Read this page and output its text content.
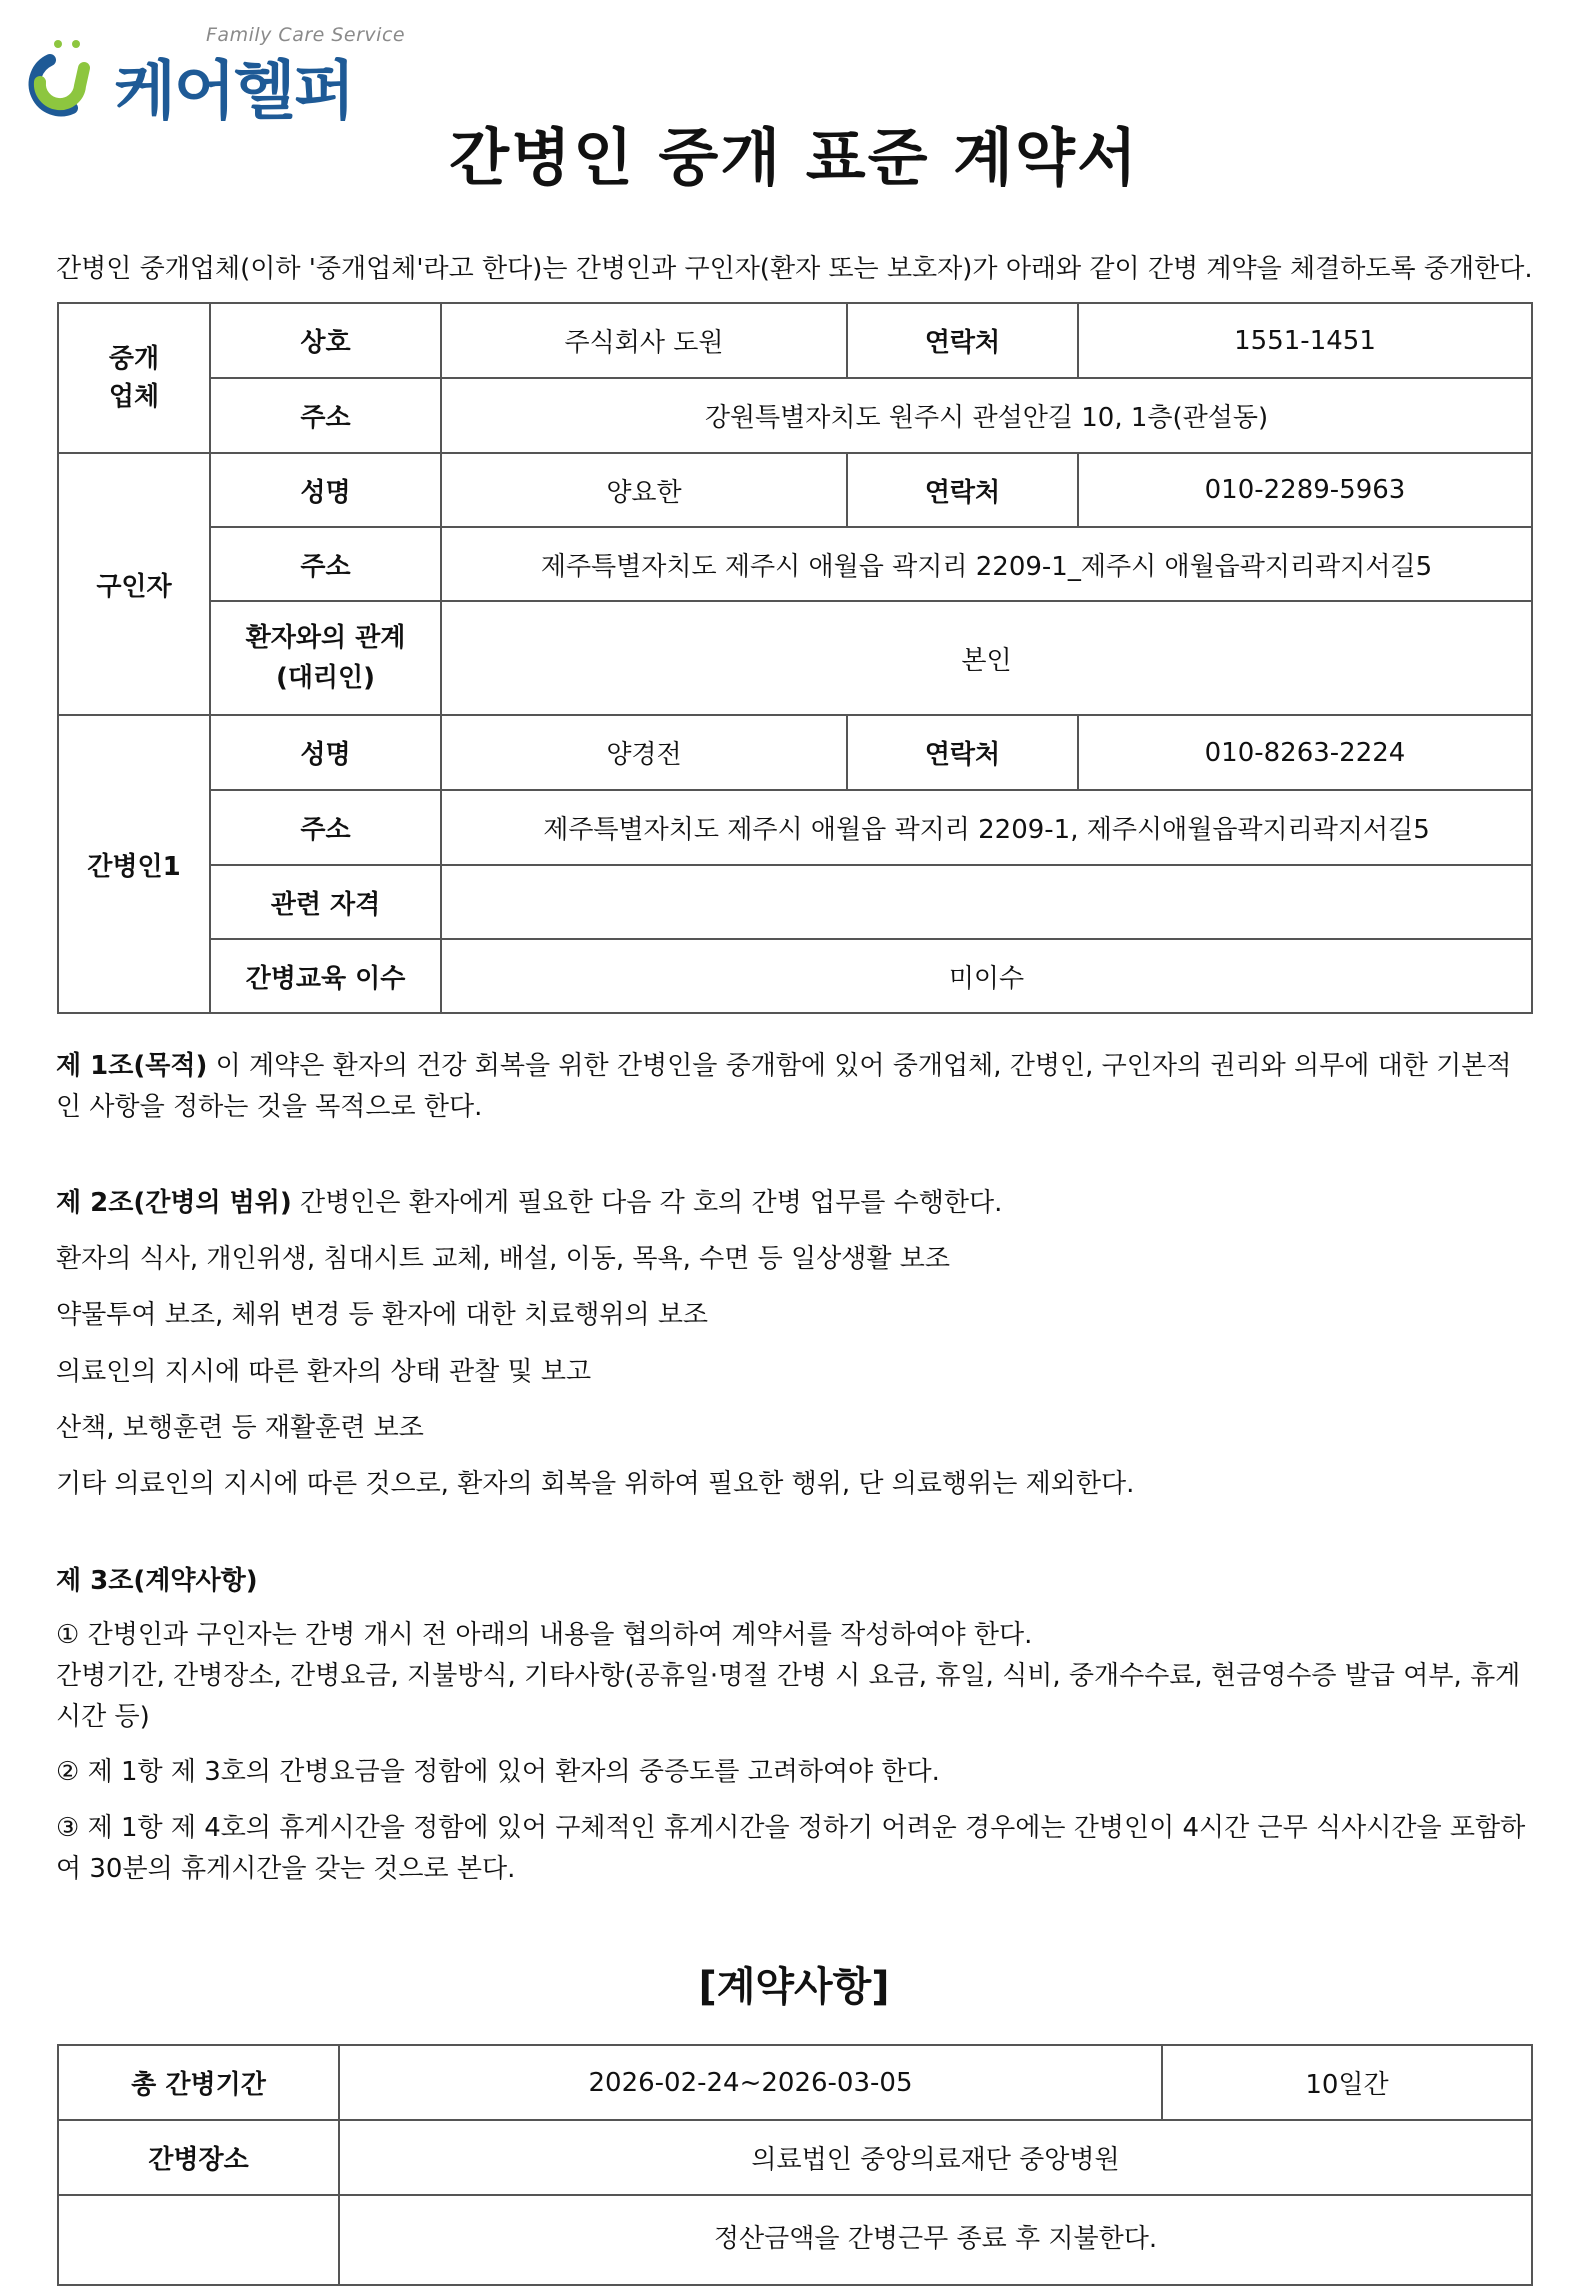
Family Care Service
케어헬퍼
간병인 중개 표준 계약서
간병인 중개업체(이하 '중개업체'라고 한다)는 간병인과 구인자(환자 또는 보호자)가 아래와 같이 간병 계약을 체결하도록 중개한다.
중개
업체	상호	주식회사 도원	연락처	1551-1451
	주소	강원특별자치도 원주시 관설안길 10, 1층(관설동)		
구인자	성명	양요한	연락처	010-2289-5963
	주소	제주특별자치도 제주시 애월읍 곽지리 2209-1_제주시 애월읍곽지리곽지서길5		
	환자와의 관계
(대리인)	본인		
간병인1	성명	양경전	연락처	010-8263-2224
	주소	제주특별자치도 제주시 애월읍 곽지리 2209-1, 제주시애월읍곽지리곽지서길5		
	관련 자격			
	간병교육 이수	미이수		
제 1조(목적) 이 계약은 환자의 건강 회복을 위한 간병인을 중개함에 있어 중개업체, 간병인, 구인자의 권리와 의무에 대한 기본적인 사항을 정하는 것을 목적으로 한다.
제 2조(간병의 범위) 간병인은 환자에게 필요한 다음 각 호의 간병 업무를 수행한다.
환자의 식사, 개인위생, 침대시트 교체, 배설, 이동, 목욕, 수면 등 일상생활 보조
약물투여 보조, 체위 변경 등 환자에 대한 치료행위의 보조
의료인의 지시에 따른 환자의 상태 관찰 및 보고
산책, 보행훈련 등 재활훈련 보조
기타 의료인의 지시에 따른 것으로, 환자의 회복을 위하여 필요한 행위, 단 의료행위는 제외한다.
제 3조(계약사항)
① 간병인과 구인자는 간병 개시 전 아래의 내용을 협의하여 계약서를 작성하여야 한다.
간병기간, 간병장소, 간병요금, 지불방식, 기타사항(공휴일·명절 간병 시 요금, 휴일, 식비, 중개수수료, 현금영수증 발급 여부, 휴게시간 등)
② 제 1항 제 3호의 간병요금을 정함에 있어 환자의 중증도를 고려하여야 한다.
③ 제 1항 제 4호의 휴게시간을 정함에 있어 구체적인 휴게시간을 정하기 어려운 경우에는 간병인이 4시간 근무 식사시간을 포함하여 30분의 휴게시간을 갖는 것으로 본다.
[계약사항]
총 간병기간	2026-02-24~2026-03-05	10일간
간병장소	의료법인 중앙의료재단 중앙병원	
	정산금액을 간병근무 종료 후 지불한다.	
